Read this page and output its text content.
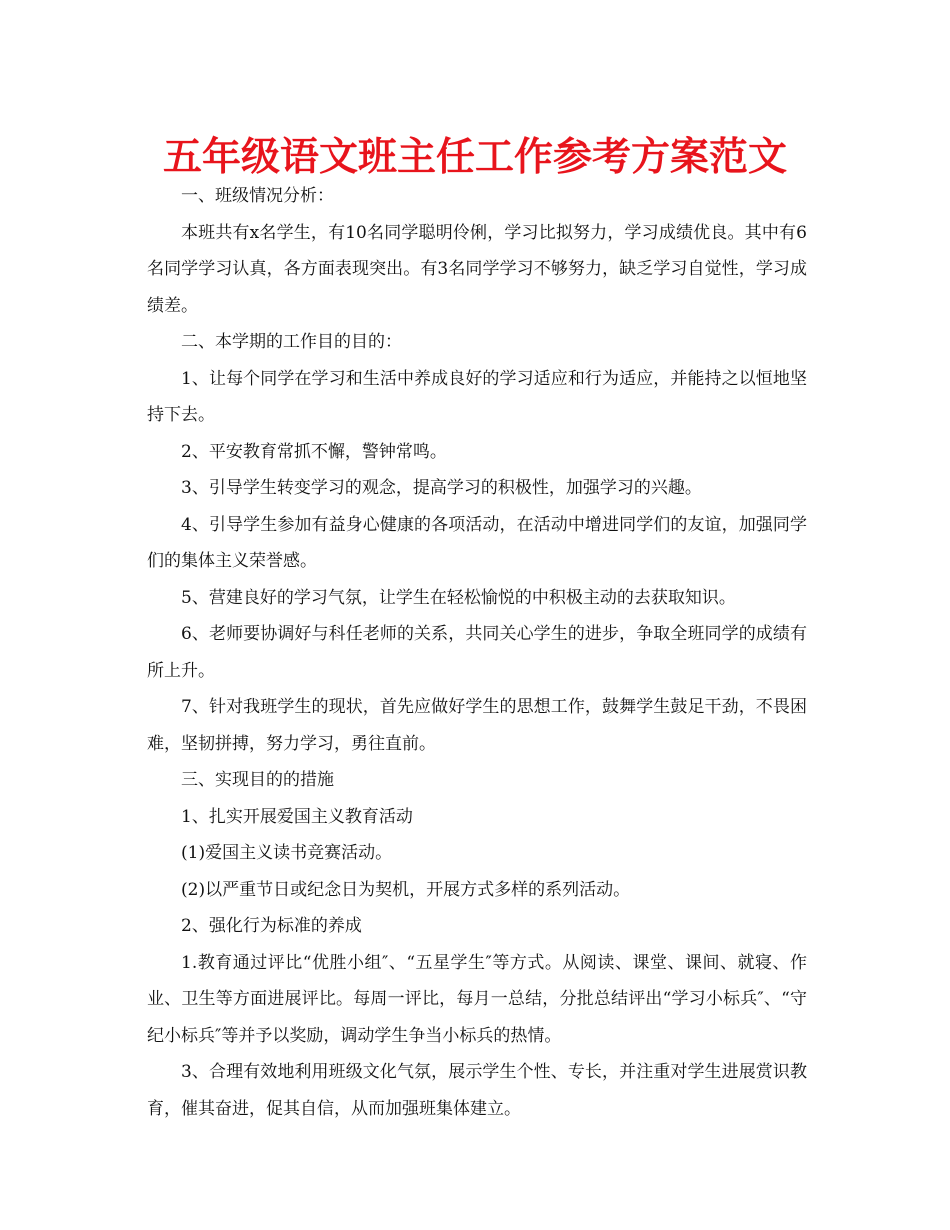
五年级语文班主任工作参考方案范文

一、班级情况分析：

本班共有x名学生，有10名同学聪明伶俐，学习比拟努力，学习成绩优良。其中有6名同学学习认真，各方面表现突出。有3名同学学习不够努力，缺乏学习自觉性，学习成绩差。

二、本学期的工作目的目的：

1、让每个同学在学习和生活中养成良好的学习适应和行为适应，并能持之以恒地坚持下去。

2、平安教育常抓不懈，警钟常鸣。

3、引导学生转变学习的观念，提高学习的积极性，加强学习的兴趣。

4、引导学生参加有益身心健康的各项活动，在活动中增进同学们的友谊，加强同学们的集体主义荣誉感。

5、营建良好的学习气氛，让学生在轻松愉悦的中积极主动的去获取知识。

6、老师要协调好与科任老师的关系，共同关心学生的进步，争取全班同学的成绩有所上升。

7、针对我班学生的现状，首先应做好学生的思想工作，鼓舞学生鼓足干劲，不畏困难，坚韧拼搏，努力学习，勇往直前。

三、实现目的的措施

1、扎实开展爱国主义教育活动

(1)爱国主义读书竞赛活动。

(2)以严重节日或纪念日为契机，开展方式多样的系列活动。

2、强化行为标准的养成

1.教育通过评比“优胜小组″、“五星学生″等方式。从阅读、课堂、课间、就寝、作业、卫生等方面进展评比。每周一评比，每月一总结，分批总结评出“学习小标兵″、“守纪小标兵″等并予以奖励，调动学生争当小标兵的热情。

3、合理有效地利用班级文化气氛，展示学生个性、专长，并注重对学生进展赏识教育，催其奋进，促其自信，从而加强班集体建立。
